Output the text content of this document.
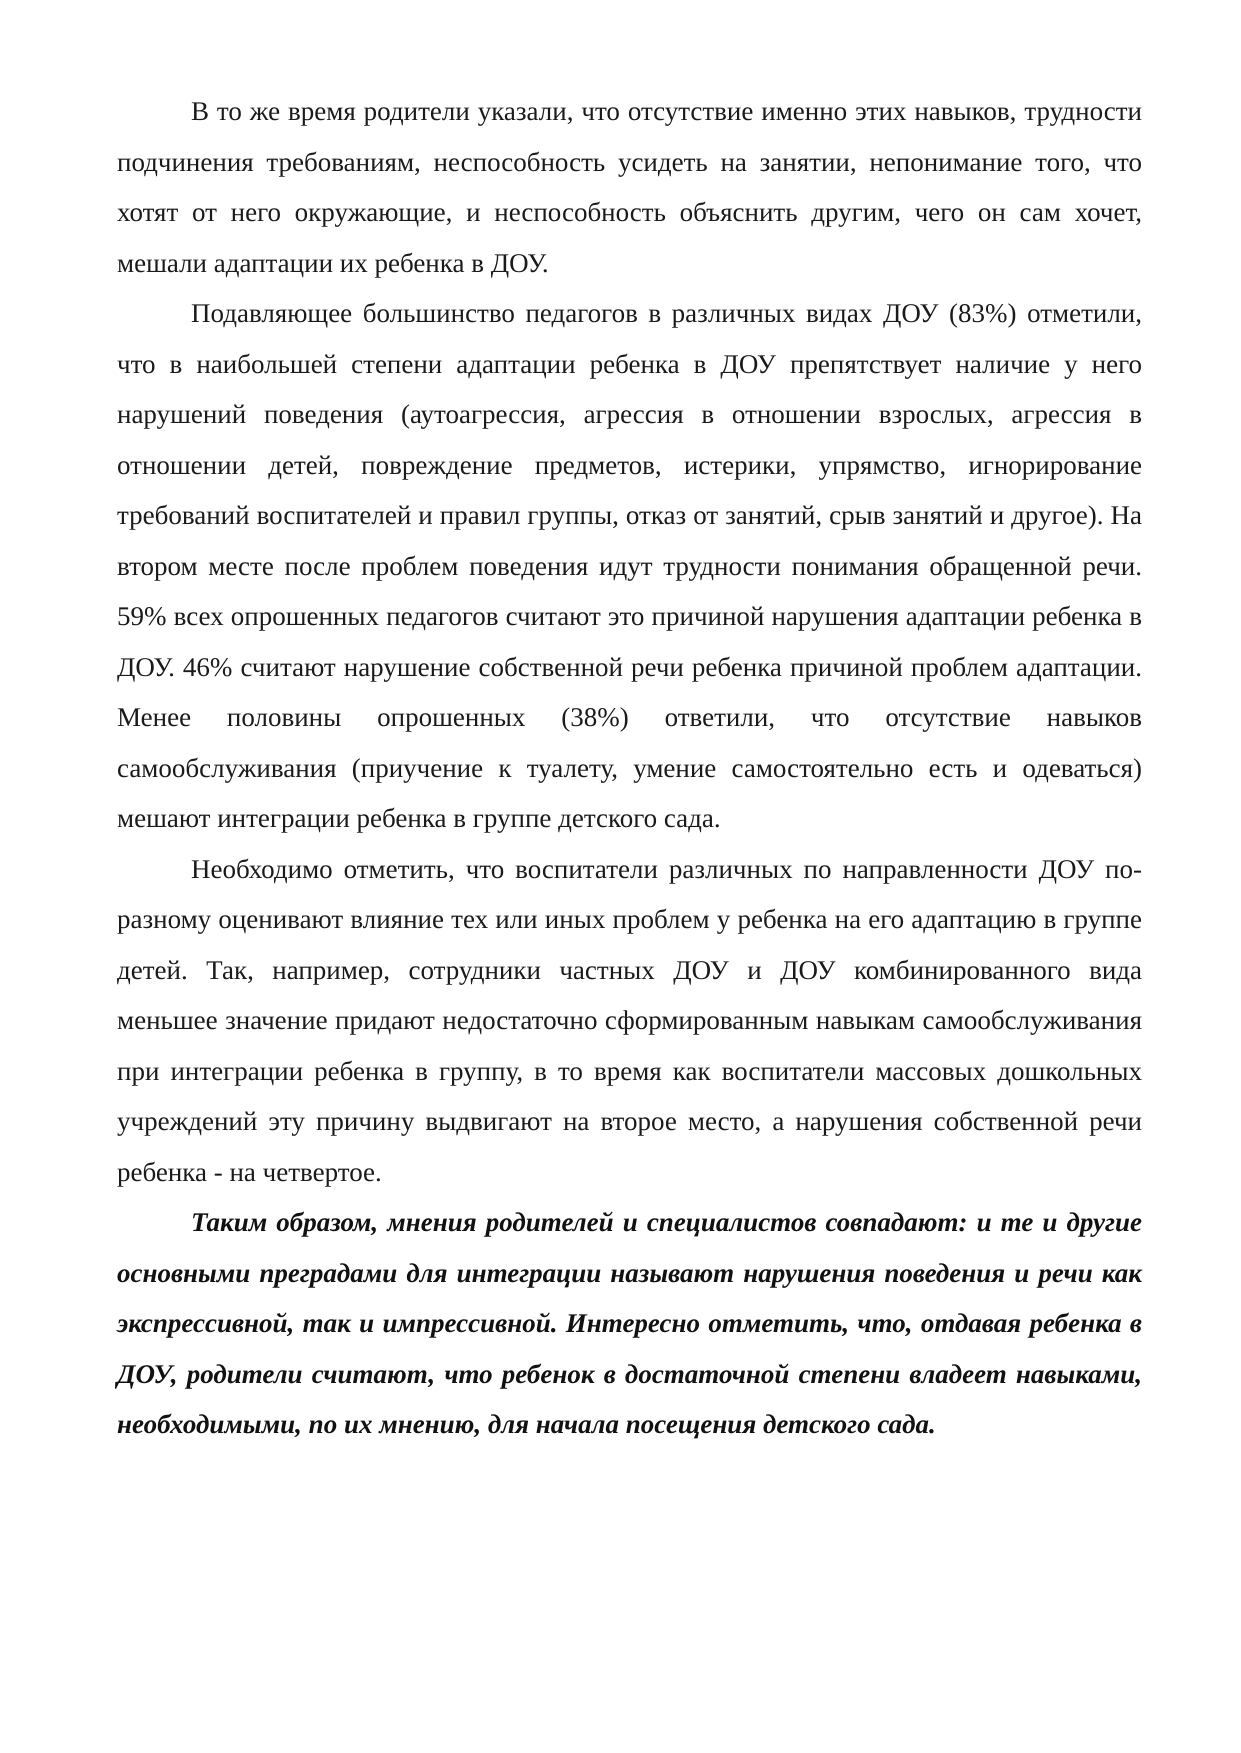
В то же время родители указали, что отсутствие именно этих навыков, трудности подчинения требованиям, неспособность усидеть на занятии, непонимание того, что хотят от него окружающие, и неспособность объяснить другим, чего он сам хочет, мешали адаптации их ребенка в ДОУ.

Подавляющее большинство педагогов в различных видах ДОУ (83%) отметили, что в наибольшей степени адаптации ребенка в ДОУ препятствует наличие у него нарушений поведения (аутоагрессия, агрессия в отношении взрослых, агрессия в отношении детей, повреждение предметов, истерики, упрямство, игнорирование требований воспитателей и правил группы, отказ от занятий, срыв занятий и другое). На втором месте после проблем поведения идут трудности понимания обращенной речи. 59% всех опрошенных педагогов считают это причиной нарушения адаптации ребенка в ДОУ. 46% считают нарушение собственной речи ребенка причиной проблем адаптации. Менее половины опрошенных (38%) ответили, что отсутствие навыков самообслуживания (приучение к туалету, умение самостоятельно есть и одеваться) мешают интеграции ребенка в группе детского сада.

Необходимо отметить, что воспитатели различных по направленности ДОУ по-разному оценивают влияние тех или иных проблем у ребенка на его адаптацию в группе детей. Так, например, сотрудники частных ДОУ и ДОУ комбинированного вида меньшее значение придают недостаточно сформированным навыкам самообслуживания при интеграции ребенка в группу, в то время как воспитатели массовых дошкольных учреждений эту причину выдвигают на второе место, а нарушения собственной речи ребенка - на четвертое.

Таким образом, мнения родителей и специалистов совпадают: и те и другие основными преградами для интеграции называют нарушения поведения и речи как экспрессивной, так и импрессивной. Интересно отметить, что, отдавая ребенка в ДОУ, родители считают, что ребенок в достаточной степени владеет навыками, необходимыми, по их мнению, для начала посещения детского сада.
